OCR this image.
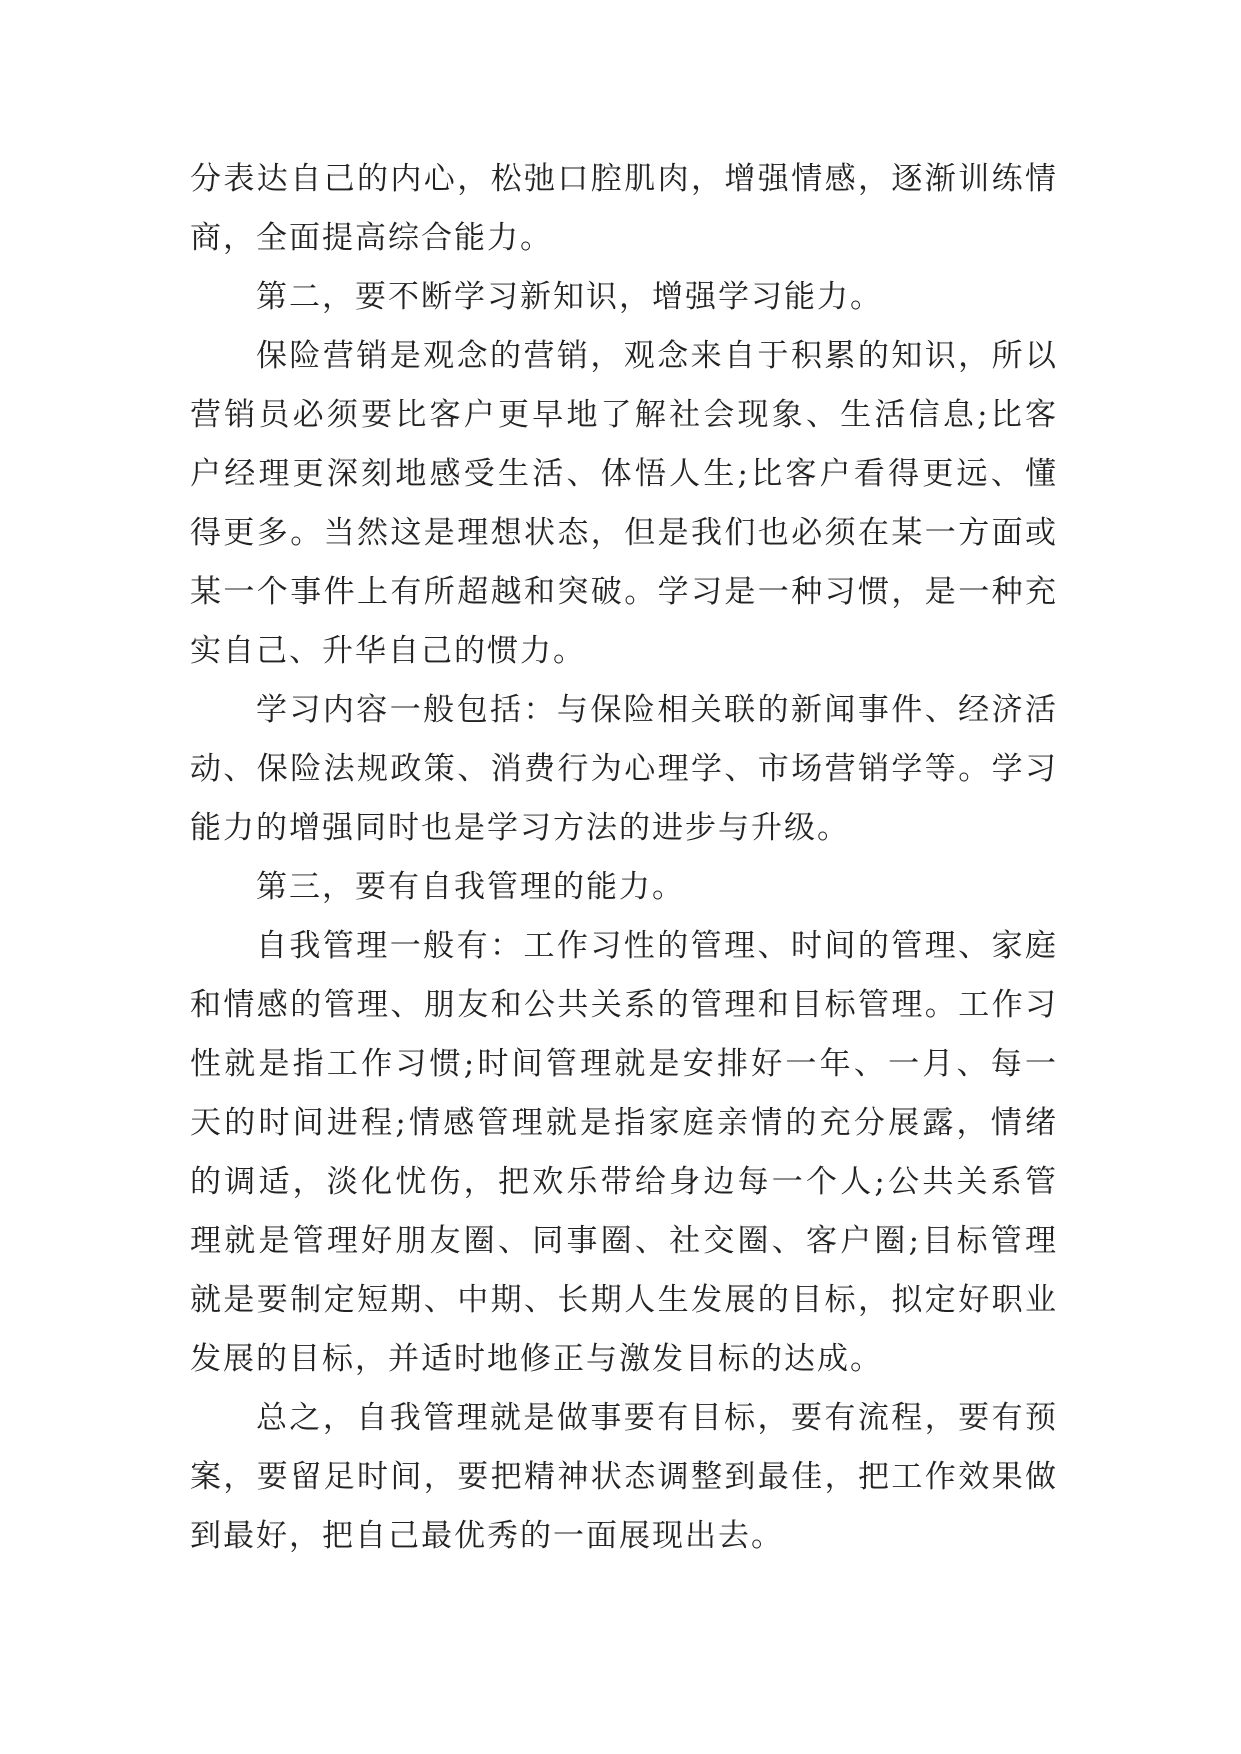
分表达自己的内心，松弛口腔肌肉，增强情感，逐渐训练情商，全面提高综合能力。

第二，要不断学习新知识，增强学习能力。

保险营销是观念的营销，观念来自于积累的知识，所以营销员必须要比客户更早地了解社会现象、生活信息;比客户经理更深刻地感受生活、体悟人生;比客户看得更远、懂得更多。当然这是理想状态，但是我们也必须在某一方面或某一个事件上有所超越和突破。学习是一种习惯，是一种充实自己、升华自己的惯力。

学习内容一般包括：与保险相关联的新闻事件、经济活动、保险法规政策、消费行为心理学、市场营销学等。学习能力的增强同时也是学习方法的进步与升级。

第三，要有自我管理的能力。

自我管理一般有：工作习性的管理、时间的管理、家庭和情感的管理、朋友和公共关系的管理和目标管理。工作习性就是指工作习惯;时间管理就是安排好一年、一月、每一天的时间进程;情感管理就是指家庭亲情的充分展露，情绪的调适，淡化忧伤，把欢乐带给身边每一个人;公共关系管理就是管理好朋友圈、同事圈、社交圈、客户圈;目标管理就是要制定短期、中期、长期人生发展的目标，拟定好职业发展的目标，并适时地修正与激发目标的达成。

总之，自我管理就是做事要有目标，要有流程，要有预案，要留足时间，要把精神状态调整到最佳，把工作效果做到最好，把自己最优秀的一面展现出去。
